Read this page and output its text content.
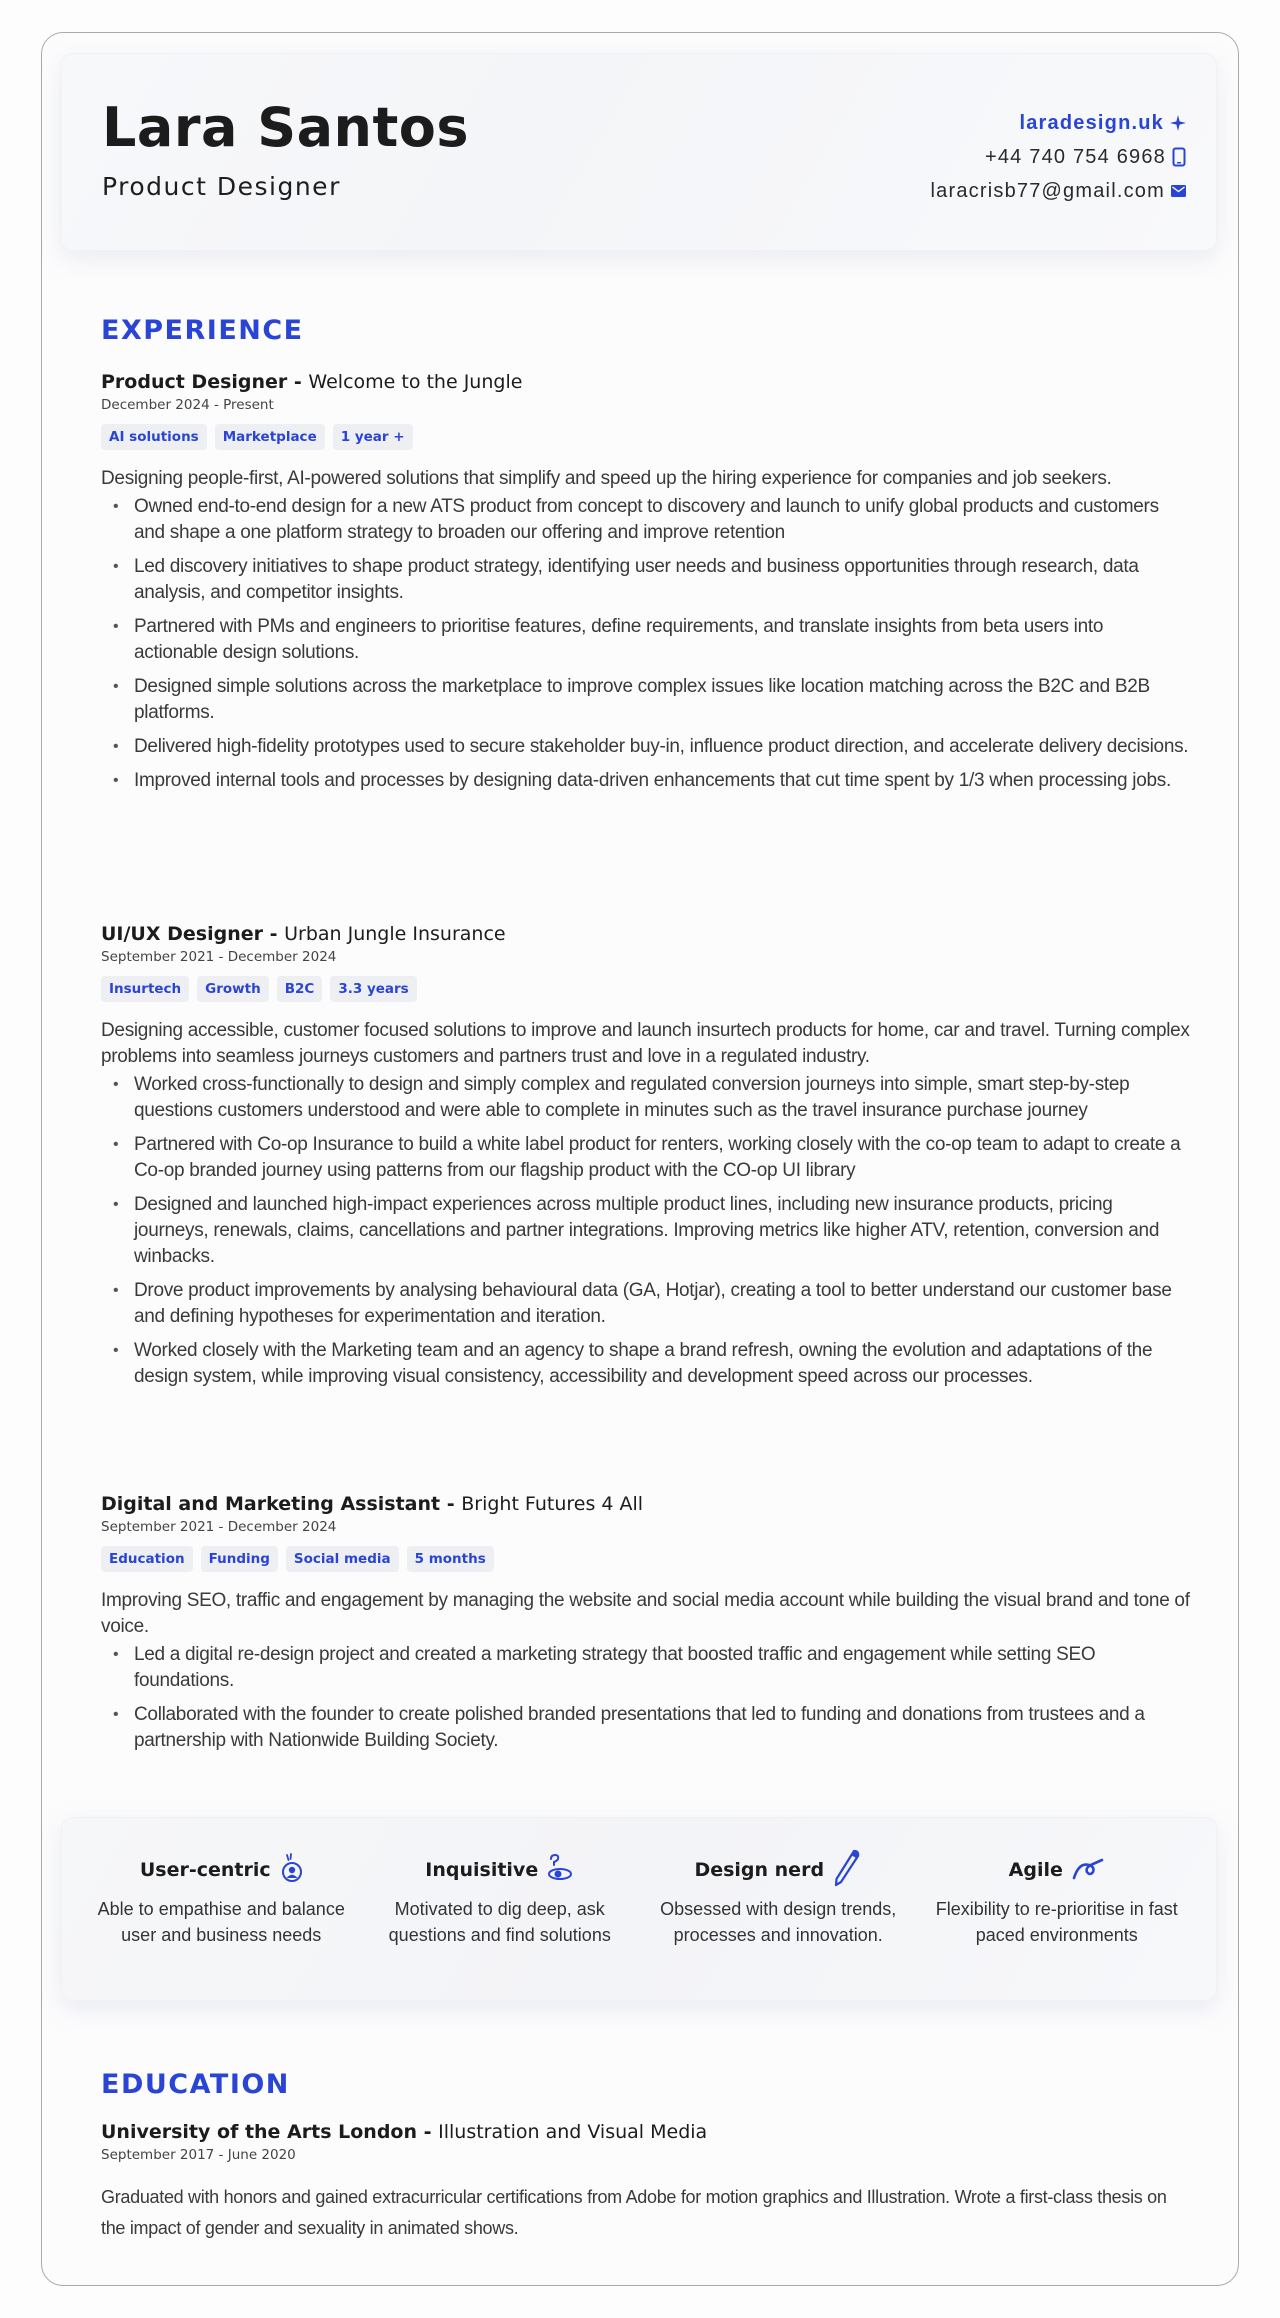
Lara Santos
Product Designer
laradesign.uk
+44 740 754 6968
laracrisb77@gmail.com
EXPERIENCE
Product Designer - Welcome to the Jungle
December 2024 - Present
AI solutions	Marketplace	1 year +
Designing people-first, AI-powered solutions that simplify and speed up the hiring experience for companies and job seekers.
• Owned end-to-end design for a new ATS product from concept to discovery and launch to unify global products and customers and shape a one platform strategy to broaden our offering and improve retention
• Led discovery initiatives to shape product strategy, identifying user needs and business opportunities through research, data analysis, and competitor insights.
• Partnered with PMs and engineers to prioritise features, define requirements, and translate insights from beta users into actionable design solutions.
• Designed simple solutions across the marketplace to improve complex issues like location matching across the B2C and B2B platforms.
• Delivered high-fidelity prototypes used to secure stakeholder buy-in, influence product direction, and accelerate delivery decisions.
• Improved internal tools and processes by designing data-driven enhancements that cut time spent by 1/3 when processing jobs.
UI/UX Designer - Urban Jungle Insurance
September 2021 - December 2024
Insurtech	Growth	B2C	3.3 years
Designing accessible, customer focused solutions to improve and launch insurtech products for home, car and travel. Turning complex problems into seamless journeys customers and partners trust and love in a regulated industry.
• Worked cross-functionally to design and simply complex and regulated conversion journeys into simple, smart step-by-step questions customers understood and were able to complete in minutes such as the travel insurance purchase journey
• Partnered with Co-op Insurance to build a white label product for renters, working closely with the co-op team to adapt to create a Co-op branded journey using patterns from our flagship product with the CO-op UI library
• Designed and launched high-impact experiences across multiple product lines, including new insurance products, pricing journeys, renewals, claims, cancellations and partner integrations. Improving metrics like higher ATV, retention, conversion and winbacks.
• Drove product improvements by analysing behavioural data (GA, Hotjar), creating a tool to better understand our customer base and defining hypotheses for experimentation and iteration.
• Worked closely with the Marketing team and an agency to shape a brand refresh, owning the evolution and adaptations of the design system, while improving visual consistency, accessibility and development speed across our processes.
Digital and Marketing Assistant - Bright Futures 4 All
September 2021 - December 2024
Education	Funding	Social media	5 months
Improving SEO, traffic and engagement by managing the website and social media account while building the visual brand and tone of voice.
• Led a digital re-design project and created a marketing strategy that boosted traffic and engagement while setting SEO foundations.
• Collaborated with the founder to create polished branded presentations that led to funding and donations from trustees and a partnership with Nationwide Building Society.
User-centric
Able to empathise and balance user and business needs
Inquisitive
Motivated to dig deep, ask questions and find solutions
Design nerd
Obsessed with design trends, processes and innovation.
Agile
Flexibility to re-prioritise in fast paced environments
EDUCATION
University of the Arts London - Illustration and Visual Media
September 2017 - June 2020
Graduated with honors and gained extracurricular certifications from Adobe for motion graphics and Illustration. Wrote a first-class thesis on the impact of gender and sexuality in animated shows.
